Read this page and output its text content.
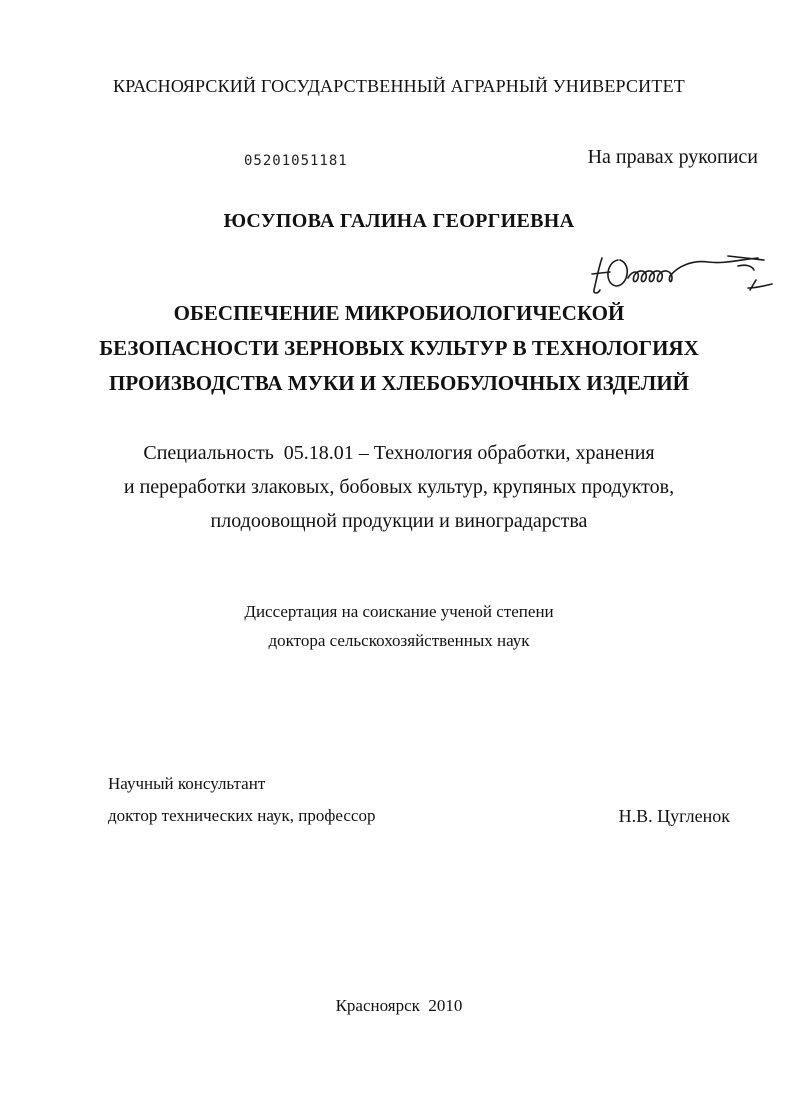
КРАСНОЯРСКИЙ ГОСУДАРСТВЕННЫЙ АГРАРНЫЙ УНИВЕРСИТЕТ
05201051181	На правах рукописи
ЮСУПОВА ГАЛИНА ГЕОРГИЕВНА
Юсупова
ОБЕСПЕЧЕНИЕ МИКРОБИОЛОГИЧЕСКОЙ
БЕЗОПАСНОСТИ ЗЕРНОВЫХ КУЛЬТУР В ТЕХНОЛОГИЯХ
ПРОИЗВОДСТВА МУКИ И ХЛЕБОБУЛОЧНЫХ ИЗДЕЛИЙ
Специальность  05.18.01 – Технология обработки, хранения
и переработки злаковых, бобовых культур, крупяных продуктов,
плодоовощной продукции и виноградарства
Диссертация на соискание ученой степени
доктора сельскохозяйственных наук
Научный консультант
доктор технических наук, профессор	Н.В. Цугленок
Красноярск  2010
